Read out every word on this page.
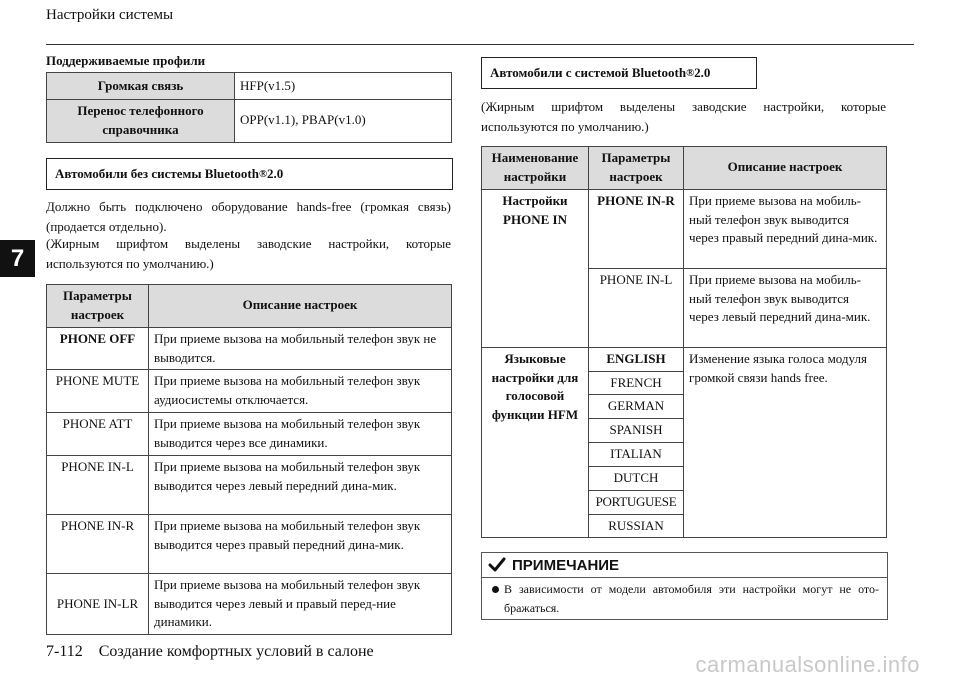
Настройки системы
7
Поддерживаемые профили
Громкая связь	HFP(v1.5)
Перенос телефонного справочника	OPP(v1.1), PBAP(v1.0)
Автомобили без системы Bluetooth ® 2.0
Должно быть подключено оборудование hands-free (громкая связь) (продается отдельно).
(Жирным шрифтом выделены заводские настройки, которые используются по умолчанию.)
Параметры настроек	Описание настроек
PHONE OFF	При приеме вызова на мобильный телефон звук не выводится.
PHONE MUTE	При приеме вызова на мобильный телефон звук аудиосистемы отключается.
PHONE ATT	При приеме вызова на мобильный телефон звук выводится через все динамики.
PHONE IN-L	При приеме вызова на мобильный телефон звук выводится через левый передний дина-мик.
PHONE IN-R	При приеме вызова на мобильный телефон звук выводится через правый передний дина-мик.
PHONE IN-LR	При приеме вызова на мобильный телефон звук выводится через левый и правый перед-ние динамики.
Автомобили с системой Bluetooth ® 2.0
(Жирным шрифтом выделены заводские настройки, которые используются по умолчанию.)
Наименование настройки	Параметры настроек	Описание настроек
Настройки PHONE IN	PHONE IN-R	При приеме вызова на мобиль-ный телефон звук выводится через правый передний дина-мик.
	PHONE IN-L	При приеме вызова на мобиль-ный телефон звук выводится через левый передний дина-мик.
Языковые настройки для голосовой функции HFM	ENGLISH	Изменение языка голоса модуля громкой связи hands free.
	FRENCH	
	GERMAN	
	SPANISH	
	ITALIAN	
	DUTCH	
	PORTUGUESE	
	RUSSIAN	
ПРИМЕЧАНИЕ
В зависимости от модели автомобиля эти настройки могут не ото-бражаться.
7-112 Создание комфортных условий в салоне
carmanualsonline.info
